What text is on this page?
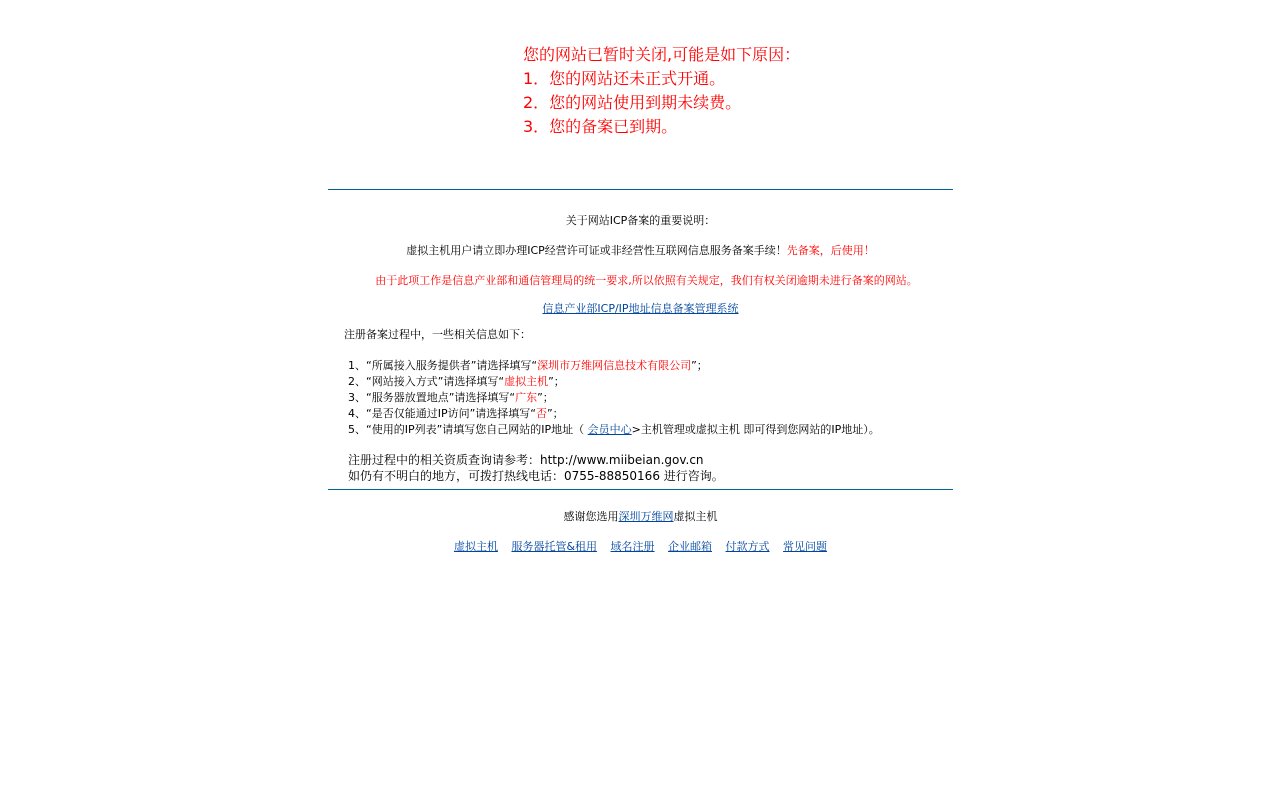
您的网站已暂时关闭,可能是如下原因：
1．您的网站还未正式开通。
2．您的网站使用到期未续费。
3．您的备案已到期。
关于网站ICP备案的重要说明：
虚拟主机用户请立即办理ICP经营许可证或非经营性互联网信息服务备案手续！先备案，后使用！
由于此项工作是信息产业部和通信管理局的统一要求,所以依照有关规定，我们有权关闭逾期未进行备案的网站。
信息产业部ICP/IP地址信息备案管理系统
注册备案过程中，一些相关信息如下：
1、“所属接入服务提供者”请选择填写“深圳市万维网信息技术有限公司”；
2、“网站接入方式”请选择填写“虚拟主机”；
3、“服务器放置地点”请选择填写“广东”；
4、“是否仅能通过IP访问”请选择填写“否”；
5、“使用的IP列表”请填写您自己网站的IP地址（ 会员中心>主机管理或虚拟主机 即可得到您网站的IP地址）。
注册过程中的相关资质查询请参考：http://www.miibeian.gov.cn
如仍有不明白的地方，可拨打热线电话：0755-88850166 进行咨询。
感谢您选用深圳万维网虚拟主机
虚拟主机 服务器托管&租用 域名注册 企业邮箱 付款方式 常见问题
